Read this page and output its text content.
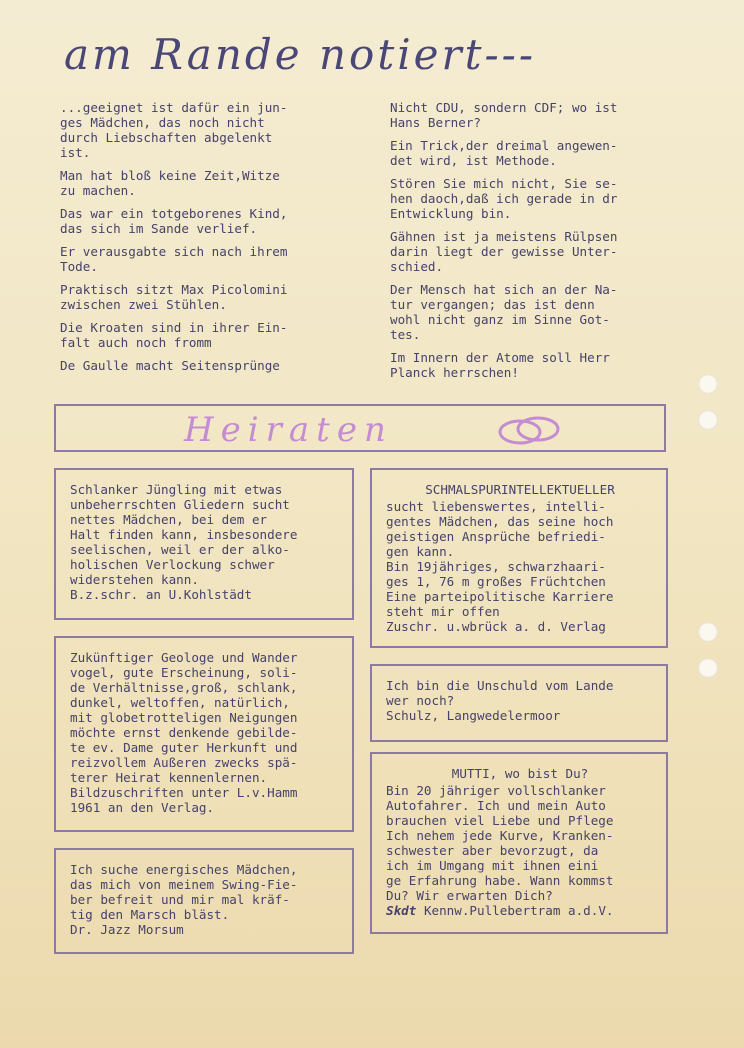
am Rande notiert---

...geeignet ist dafür ein jun-
ges Mädchen, das noch nicht
durch Liebschaften abgelenkt
ist.

Man hat bloß keine Zeit,Witze
zu machen.

Das war ein totgeborenes Kind,
das sich im Sande verlief.

Er verausgabte sich nach ihrem
Tode.

Praktisch sitzt Max Picolomini
zwischen zwei Stühlen.

Die Kroaten sind in ihrer Ein-
falt auch noch fromm

De Gaulle macht Seitensprünge

Nicht CDU, sondern CDF; wo ist
Hans Berner?

Ein Trick,der dreimal angewen-
det wird, ist Methode.

Stören Sie mich nicht, Sie se-
hen daoch,daß ich gerade in dr
Entwicklung bin.

Gähnen ist ja meistens Rülpsen
darin liegt der gewisse Unter-
schied.

Der Mensch hat sich an der Na-
tur vergangen; das ist denn
wohl nicht ganz im Sinne Got-
tes.

Im Innern der Atome soll Herr
Planck herrschen!

Heiraten

Schlanker Jüngling mit etwas
unbeherrschten Gliedern sucht
nettes Mädchen, bei dem er
Halt finden kann, insbesondere
seelischen, weil er der alko-
holischen Verlockung schwer
widerstehen kann.
B.z.schr. an U.Kohlstädt

Zukünftiger Geologe und Wander
vogel, gute Erscheinung, soli-
de Verhältnisse,groß, schlank,
dunkel, weltoffen, natürlich,
mit globetrotteligen Neigungen
möchte ernst denkende gebilde-
te ev. Dame guter Herkunft und
reizvollem Außeren zwecks spä-
terer Heirat kennenlernen.
Bildzuschriften unter L.v.Hamm
1961 an den Verlag.

Ich suche energisches Mädchen,
das mich von meinem Swing-Fie-
ber befreit und mir mal kräf-
tig den Marsch bläst.
Dr. Jazz Morsum

SCHMALSPURINTELLEKTUELLER

sucht liebenswertes, intelli-
gentes Mädchen, das seine hoch
geistigen Ansprüche befriedi-
gen kann.
Bin 19jähriges, schwarzhaari-
ges 1, 76 m großes Früchtchen
Eine parteipolitische Karriere
steht mir offen
Zuschr. u.wbrück a. d. Verlag

Ich bin die Unschuld vom Lande
wer noch?
Schulz, Langwedelermoor

MUTTI, wo bist Du?

Bin 20 jähriger vollschlanker
Autofahrer. Ich und mein Auto
brauchen viel Liebe und Pflege
Ich nehem jede Kurve, Kranken-
schwester aber bevorzugt, da
ich im Umgang mit ihnen eini
ge Erfahrung habe. Wann kommst
Du? Wir erwarten Dich?

Skdt Kennw.Pullebertram a.d.V.
